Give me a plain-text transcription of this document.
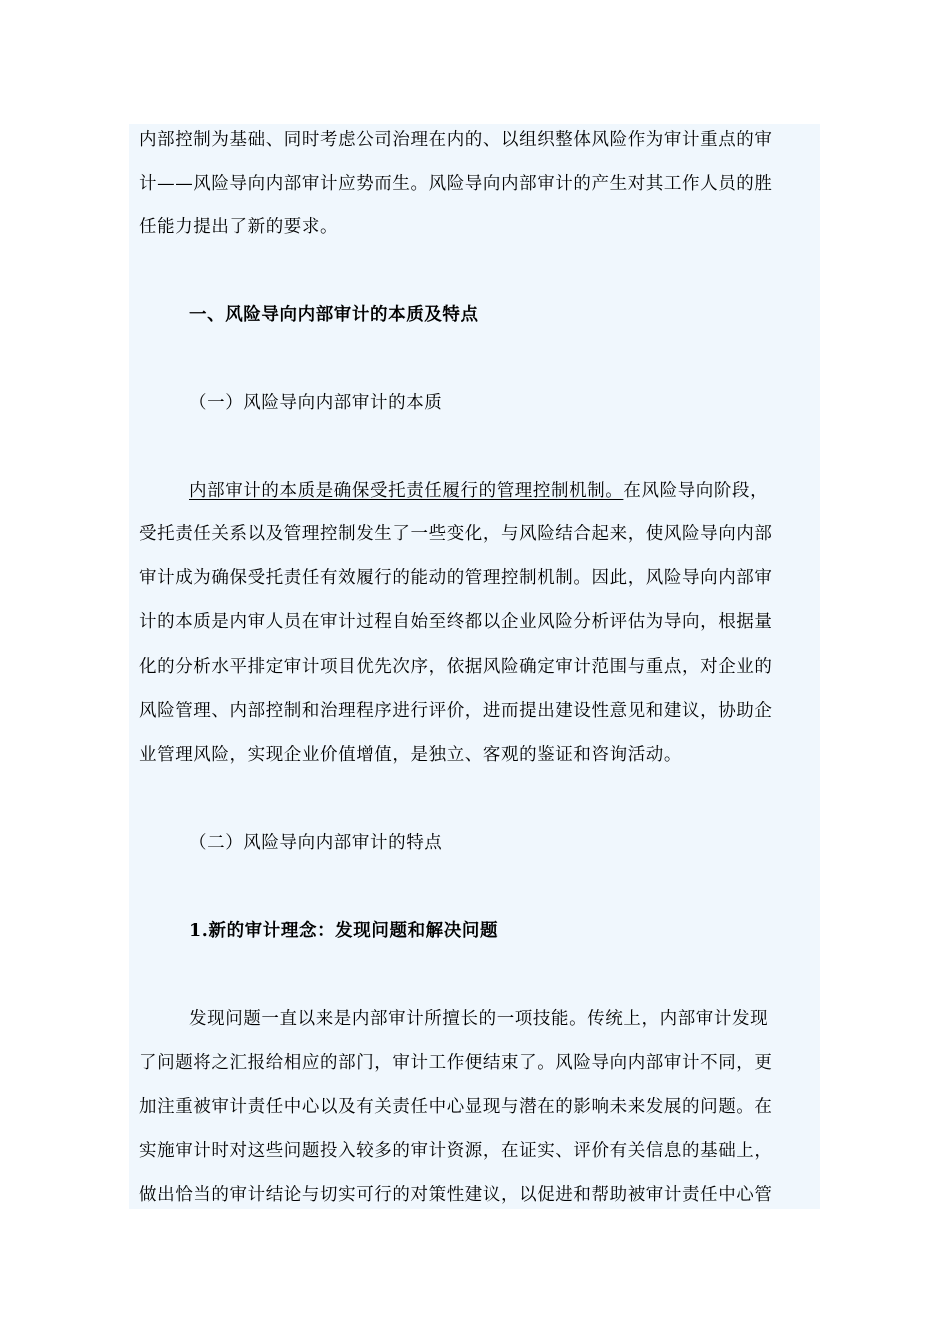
内部控制为基础、同时考虑公司治理在内的、以组织整体风险作为审计重点的审
计——风险导向内部审计应势而生。风险导向内部审计的产生对其工作人员的胜
任能力提出了新的要求。
一、风险导向内部审计的本质及特点
（一）风险导向内部审计的本质
内部审计的本质是确保受托责任履行的管理控制机制。在风险导向阶段，
受托责任关系以及管理控制发生了一些变化，与风险结合起来，使风险导向内部
审计成为确保受托责任有效履行的能动的管理控制机制。因此，风险导向内部审
计的本质是内审人员在审计过程自始至终都以企业风险分析评估为导向，根据量
化的分析水平排定审计项目优先次序，依据风险确定审计范围与重点，对企业的
风险管理、内部控制和治理程序进行评价，进而提出建设性意见和建议，协助企
业管理风险，实现企业价值增值，是独立、客观的鉴证和咨询活动。
（二）风险导向内部审计的特点
1.新的审计理念：发现问题和解决问题
发现问题一直以来是内部审计所擅长的一项技能。传统上，内部审计发现
了问题将之汇报给相应的部门，审计工作便结束了。风险导向内部审计不同，更
加注重被审计责任中心以及有关责任中心显现与潜在的影响未来发展的问题。在
实施审计时对这些问题投入较多的审计资源，在证实、评价有关信息的基础上，
做出恰当的审计结论与切实可行的对策性建议，以促进和帮助被审计责任中心管
